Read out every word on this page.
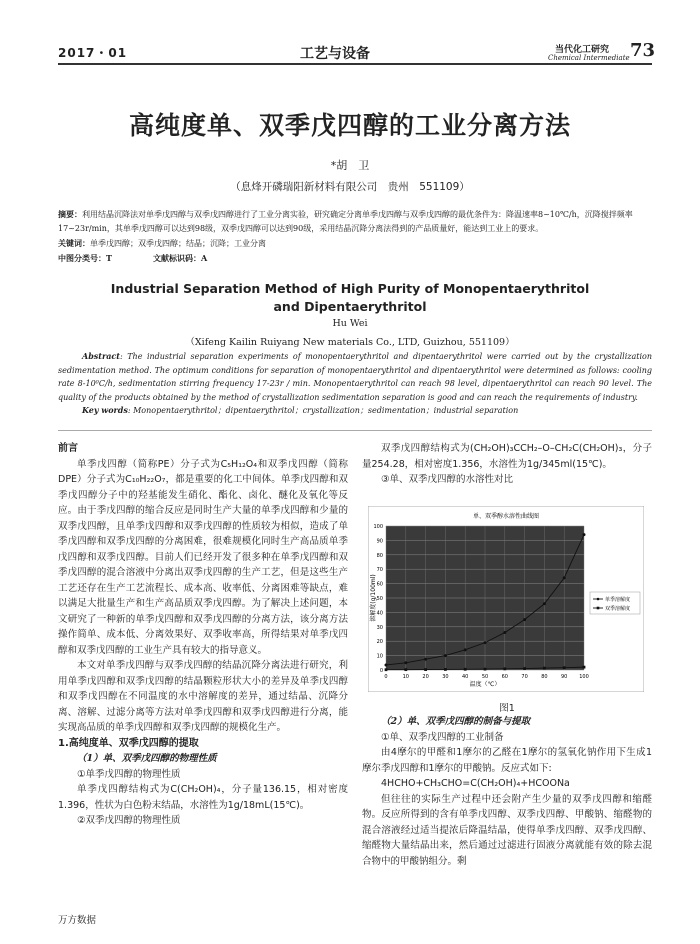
2017・01	工艺与设备	当代化工研究
Chemical Intermediate 73
高纯度单、双季戊四醇的工业分离方法
*胡　卫
（息烽开磷瑞阳新材料有限公司　贵州　551109）
摘要：利用结晶沉降法对单季戊四醇与双季戊四醇进行了工业分离实验，研究确定分离单季戊四醇与双季戊四醇的最优条件为：降温速率8~10℃/h，沉降搅拌频率17~23r/min，其单季戊四醇可以达到98级，双季戊四醇可以达到90级，采用结晶沉降分离法得到的产品质量好，能达到工业上的要求。
关键词：单季戊四醇；双季戊四醇；结晶；沉降；工业分离
中图分类号：T	文献标识码：A
Industrial Separation Method of High Purity of Monopentaerythritol
and Dipentaerythritol
Hu Wei
（Xifeng Kailin Ruiyang New materials Co., LTD, Guizhou, 551109）
Abstract: The industrial separation experiments of monopentaerythritol and dipentaerythritol were carried out by the crystallization sedimentation method. The optimum conditions for separation of monopentaerythritol and dipentaerythritol were determined as follows: cooling rate 8-10⁰C/h, sedimentation stirring frequency 17-23r / min. Monopentaerythritol can reach 98 level, dipentaerythritol can reach 90 level. The quality of the products obtained by the method of crystallization sedimentation separation is good and can reach the requirements of industry.
Key words: Monopentaerythritol；dipentaerythritol；crystallization；sedimentation；industrial separation

前言

单季戊四醇（简称PE）分子式为C₅H₁₂O₄和双季戊四醇（简称DPE）分子式为C₁₀H₂₂O₇，都是重要的化工中间体。单季戊四醇和双季戊四醇分子中的羟基能发生硝化、酯化、卤化、醚化及氧化等反应。由于季戊四醇的缩合反应是同时生产大量的单季戊四醇和少量的双季戊四醇，且单季戊四醇和双季戊四醇的性质较为相似，造成了单季戊四醇和双季戊四醇的分离困难，很难规模化同时生产高品质单季戊四醇和双季戊四醇。目前人们已经开发了很多种在单季戊四醇和双季戊四醇的混合溶液中分离出双季戊四醇的生产工艺，但是这些生产工艺还存在生产工艺流程长、成本高、收率低、分离困难等缺点，难以满足大批量生产和生产高品质双季戊四醇。为了解决上述问题，本文研究了一种新的单季戊四醇和双季戊四醇的分离方法，该分离方法操作简单、成本低、分离效果好、双季收率高，所得结果对单季戊四醇和双季戊四醇的工业生产具有较大的指导意义。

本文对单季戊四醇与双季戊四醇的结晶沉降分离法进行研究，利用单季戊四醇和双季戊四醇的结晶颗粒形状大小的差异及单季戊四醇和双季戊四醇在不同温度的水中溶解度的差异，通过结晶、沉降分离、溶解、过滤分离等方法对单季戊四醇和双季戊四醇进行分离，能实现高品质的单季戊四醇和双季戊四醇的规模化生产。

1.高纯度单、双季戊四醇的提取

（1）单、双季戊四醇的物理性质

①单季戊四醇的物理性质

单季戊四醇结构式为C(CH₂OH)₄，分子量136.15，相对密度1.396，性状为白色粉末结晶，水溶性为1g/18mL(15℃)。

②双季戊四醇的物理性质

双季戊四醇结构式为(CH₂OH)₃CCH₂–O–CH₂C(CH₂OH)₃，分子量254.28，相对密度1.356，水溶性为1g/345ml(15℃)。

③单、双季戊四醇的水溶性对比

单、双季醇水溶性曲线图
0
10
20
30
40
50
60
70
80
90
100
0	10	20	30	40	50	60	70	80	90 100
温度（℃）
溶解度(g/100ml)	单季溶解度
双季溶解度
图1

（2）单、双季戊四醇的制备与提取

①单、双季戊四醇的工业制备

由4摩尔的甲醛和1摩尔的乙醛在1摩尔的氢氧化钠作用下生成1摩尔季戊四醇和1摩尔的甲酸钠。反应式如下:

4HCHO+CH₃CHO=C(CH₂OH)₄+HCOONa

但往往的实际生产过程中还会附产生少量的双季戊四醇和缩醛物。反应所得到的含有单季戊四醇、双季戊四醇、甲酸钠、缩醛物的混合溶液经过适当提浓后降温结晶，使得单季戊四醇、双季戊四醇、缩醛物大量结晶出来，然后通过过滤进行固液分离就能有效的除去混合物中的甲酸钠组分。剩

万方数据
